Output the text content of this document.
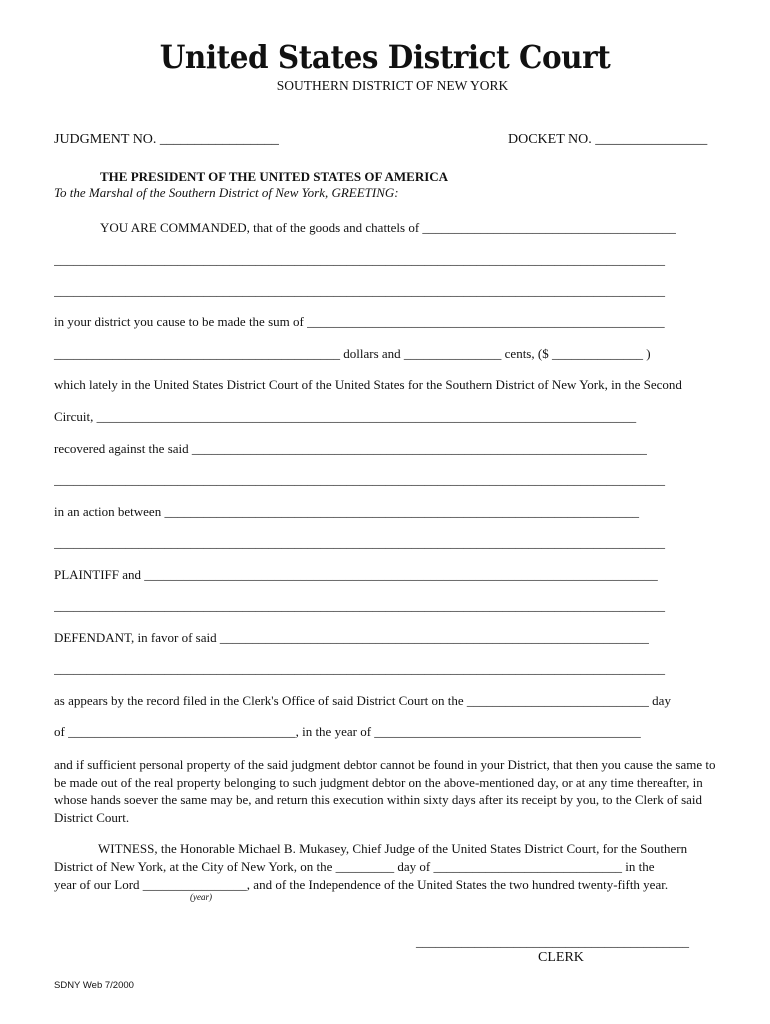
United States District Court
SOUTHERN DISTRICT OF NEW YORK
JUDGMENT NO. _________________	DOCKET NO. ________________
THE PRESIDENT OF THE UNITED STATES OF AMERICA
To the Marshal of the Southern District of New York, GREETING:
YOU ARE COMMANDED, that of the goods and chattels of _______________________________________
______________________________________________________________________________________________
______________________________________________________________________________________________
in your district you cause to be made the sum of _______________________________________________________
____________________________________________ dollars and _______________ cents, ($ ______________ )
which lately in the United States District Court of the United States for the Southern District of New York, in the Second
Circuit, ___________________________________________________________________________________
recovered against the said ______________________________________________________________________
______________________________________________________________________________________________
in an action between _________________________________________________________________________
______________________________________________________________________________________________
PLAINTIFF and _______________________________________________________________________________
______________________________________________________________________________________________
DEFENDANT, in favor of said __________________________________________________________________
______________________________________________________________________________________________
as appears by the record filed in the Clerk's Office of said District Court on the ____________________________ day
of ___________________________________, in the year of _________________________________________
and if sufficient personal property of the said judgment debtor cannot be found in your District, that then you cause the same to be made out of the real property belonging to such judgment debtor on the above-mentioned day, or at any time thereafter, in whose hands soever the same may be, and return this execution within sixty days after its receipt by you, to the Clerk of said District Court.
WITNESS, the Honorable Michael B. Mukasey, Chief Judge of the United States District Court, for the Southern
District of New York, at the City of New York, on the _________ day of _____________________________ in the
year of our Lord ________________, and of the Independence of the United States the two hundred twenty-fifth year.
(year)
__________________________________________
CLERK
SDNY Web 7/2000
